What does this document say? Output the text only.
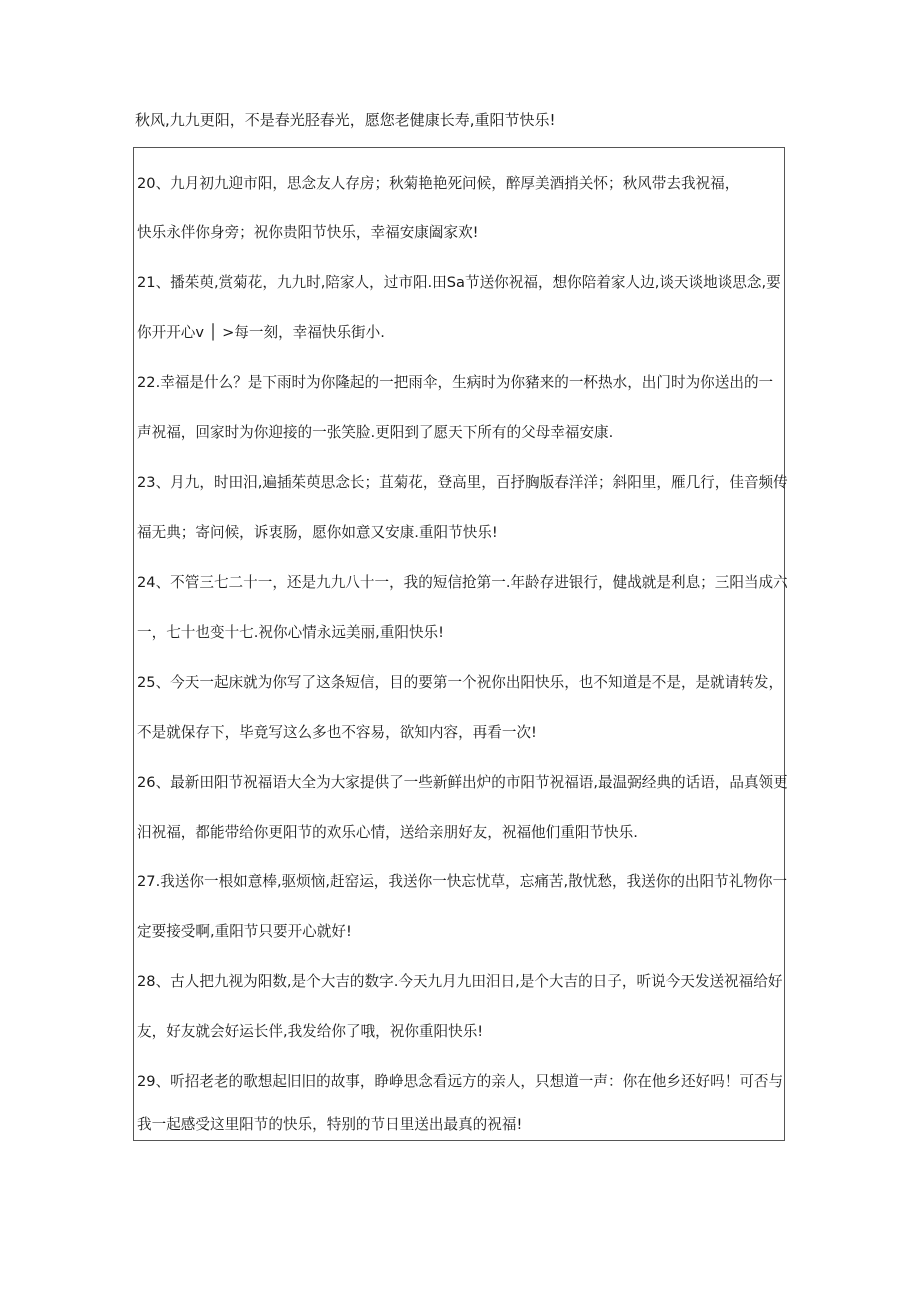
秋风,九九更阳，不是春光胫春光，愿您老健康长寿,重阳节快乐!
20、九月初九迎市阳，思念友人存房；秋菊艳艳死问候，醉厚美酒捎关怀；秋风带去我祝福，
快乐永伴你身旁；祝你贵阳节快乐，幸福安康阖家欢!
21、播茱萸,赏菊花，九九时,陪家人，过市阳.田Sa节送你祝福，想你陪着家人边,谈天谈地谈思念,要
你开开心v │ >每一刻，幸福快乐街小.
22.幸福是什么？是下雨时为你隆起的一把雨伞，生病时为你豬来的一杯热水，出门时为你送出的一
声祝福，回家时为你迎接的一张笑脸.更阳到了愿天下所有的父母幸福安康.
23、月九，时田汨,遍插茱萸思念长；苴菊花，登高里，百抒胸版春洋洋；斜阳里，雁几行，佳音频传
福无典；寄问候，诉衷肠，愿你如意又安康.重阳节快乐!
24、不管三七二十一，还是九九八十一，我的短信抢第一.年龄存进银行，健战就是利息；三阳当成六
一，七十也变十七.祝你心情永远美丽,重阳快乐!
25、今天一起床就为你写了这条短信，目的要第一个祝你出阳快乐，也不知道是不是，是就请转发，
不是就保存下，毕竟写这么多也不容易，欲知内容，再看一次!
26、最新田阳节祝福语大全为大家提供了一些新鲜出炉的市阳节祝福语,最温弼经典的话语，品真领更
汨祝福，都能带给你更阳节的欢乐心情，送给亲朋好友，祝福他们重阳节快乐.
27.我送你一根如意棒,驱烦恼,赶窑运，我送你一快忘忧草，忘痛苦,散忧愁，我送你的出阳节礼物你一
定要接受啊,重阳节只要开心就好!
28、古人把九视为阳数,是个大吉的数字.今天九月九田汨日,是个大吉的日子，听说今天发送祝福给好
友，好友就会好运长伴,我发给你了哦，祝你重阳快乐!
29、听招老老的歌想起旧旧的故事，睁峥思念看远方的亲人，只想道一声：你在他乡还好吗！可否与
我一起感受这里阳节的快乐，特别的节日里送出最真的祝福!
